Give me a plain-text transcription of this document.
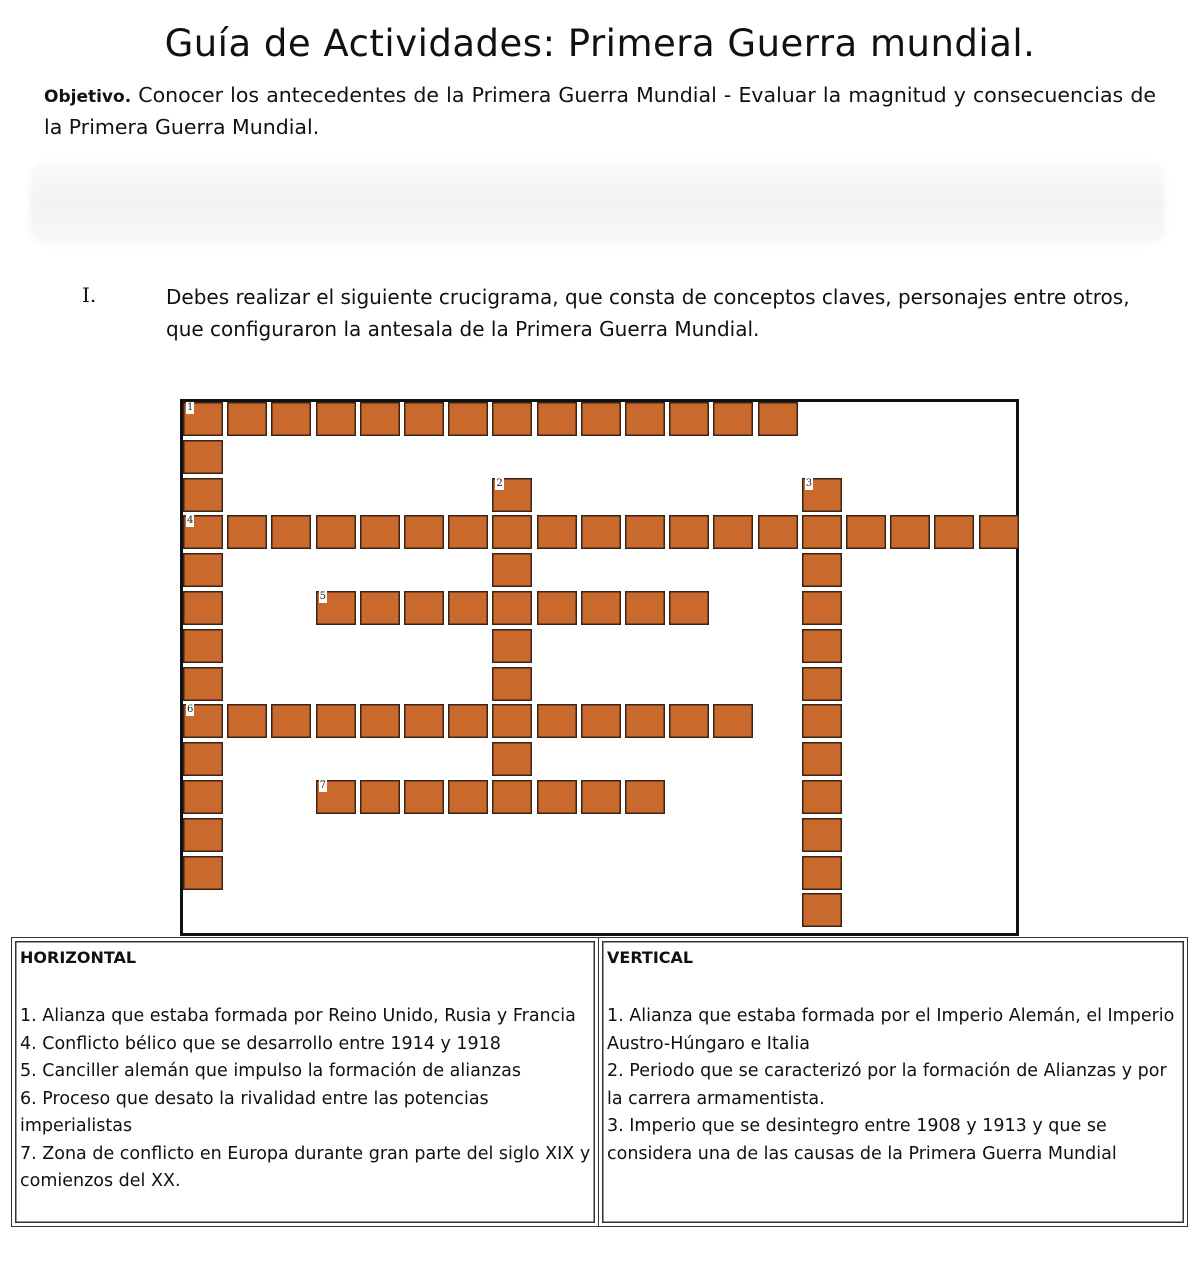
Guía de Actividades: Primera Guerra mundial.
Objetivo. Conocer los antecedentes de la Primera Guerra Mundial - Evaluar la magnitud y consecuencias de la Primera Guerra Mundial.
I.	Debes realizar el siguiente crucigrama, que consta de conceptos claves, personajes entre otros, que configuraron la antesala de la Primera Guerra Mundial.
1
4
5
6
7
2	3
HORIZONTAL
1. Alianza que estaba formada por Reino Unido, Rusia y Francia
4. Conflicto bélico que se desarrollo entre 1914 y 1918
5. Canciller alemán que impulso la formación de alianzas
6. Proceso que desato la rivalidad entre las potencias imperialistas
7. Zona de conflicto en Europa durante gran parte del siglo XIX y comienzos del XX.
VERTICAL
1. Alianza que estaba formada por el Imperio Alemán, el Imperio Austro-Húngaro e Italia
2. Periodo que se caracterizó por la formación de Alianzas y por la carrera armamentista.
3. Imperio que se desintegro entre 1908 y 1913 y que se considera una de las causas de la Primera Guerra Mundial
